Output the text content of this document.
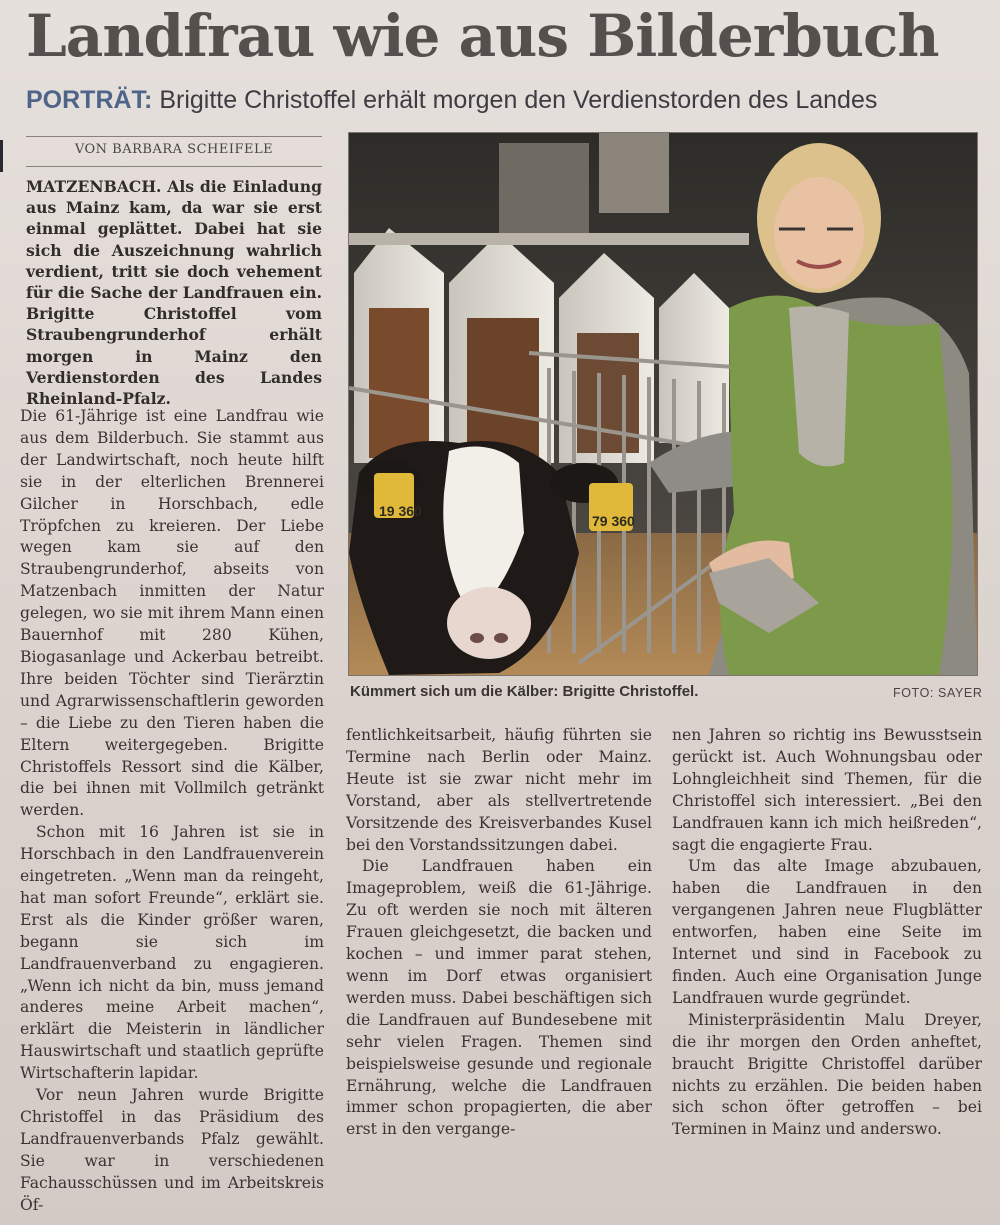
Landfrau wie aus Bilderbuch
PORTRÄT: Brigitte Christoffel erhält morgen den Verdienstorden des Landes
VON BARBARA SCHEIFELE

MATZENBACH. Als die Einladung aus Mainz kam, da war sie erst einmal geplättet. Dabei hat sie sich die Auszeichnung wahrlich verdient, tritt sie doch vehement für die Sache der Landfrauen ein. Brigitte Christoffel vom Straubengrunderhof erhält morgen in Mainz den Verdienstorden des Landes Rheinland-Pfalz.

Die 61-Jährige ist eine Landfrau wie aus dem Bilderbuch. Sie stammt aus der Landwirtschaft, noch heute hilft sie in der elterlichen Brennerei Gilcher in Horschbach, edle Tröpfchen zu kreieren. Der Liebe wegen kam sie auf den Straubengrunderhof, abseits von Matzenbach inmitten der Natur gelegen, wo sie mit ihrem Mann einen Bauernhof mit 280 Kühen, Biogasanlage und Ackerbau betreibt. Ihre beiden Töchter sind Tierärztin und Agrarwissenschaftlerin geworden – die Liebe zu den Tieren haben die Eltern weitergegeben. Brigitte Christoffels Ressort sind die Kälber, die bei ihnen mit Vollmilch getränkt werden.

Schon mit 16 Jahren ist sie in Horschbach in den Landfrauenverein eingetreten. „Wenn man da reingeht, hat man sofort Freunde“, erklärt sie. Erst als die Kinder größer waren, begann sie sich im Landfrauenverband zu engagieren. „Wenn ich nicht da bin, muss jemand anderes meine Arbeit machen“, erklärt die Meisterin in ländlicher Hauswirtschaft und staatlich geprüfte Wirtschafterin lapidar.

Vor neun Jahren wurde Brigitte Christoffel in das Präsidium des Landfrauenverbands Pfalz gewählt. Sie war in verschiedenen Fachausschüssen und im Arbeitskreis Öf-

19 360
79 360
Kümmert sich um die Kälber: Brigitte Christoffel.	FOTO: SAYER

fentlichkeitsarbeit, häufig führten sie Termine nach Berlin oder Mainz. Heute ist sie zwar nicht mehr im Vorstand, aber als stellvertretende Vorsitzende des Kreisverbandes Kusel bei den Vorstandssitzungen dabei.

Die Landfrauen haben ein Imageproblem, weiß die 61-Jährige. Zu oft werden sie noch mit älteren Frauen gleichgesetzt, die backen und kochen – und immer parat stehen, wenn im Dorf etwas organisiert werden muss. Dabei beschäftigen sich die Landfrauen auf Bundesebene mit sehr vielen Fragen. Themen sind beispielsweise gesunde und regionale Ernährung, welche die Landfrauen immer schon propagierten, die aber erst in den vergange-

nen Jahren so richtig ins Bewusstsein gerückt ist. Auch Wohnungsbau oder Lohngleichheit sind Themen, für die Christoffel sich interessiert. „Bei den Landfrauen kann ich mich heißreden“, sagt die engagierte Frau.

Um das alte Image abzubauen, haben die Landfrauen in den vergangenen Jahren neue Flugblätter entworfen, haben eine Seite im Internet und sind in Facebook zu finden. Auch eine Organisation Junge Landfrauen wurde gegründet.

Ministerpräsidentin Malu Dreyer, die ihr morgen den Orden anheftet, braucht Brigitte Christoffel darüber nichts zu erzählen. Die beiden haben sich schon öfter getroffen – bei Terminen in Mainz und anderswo.
